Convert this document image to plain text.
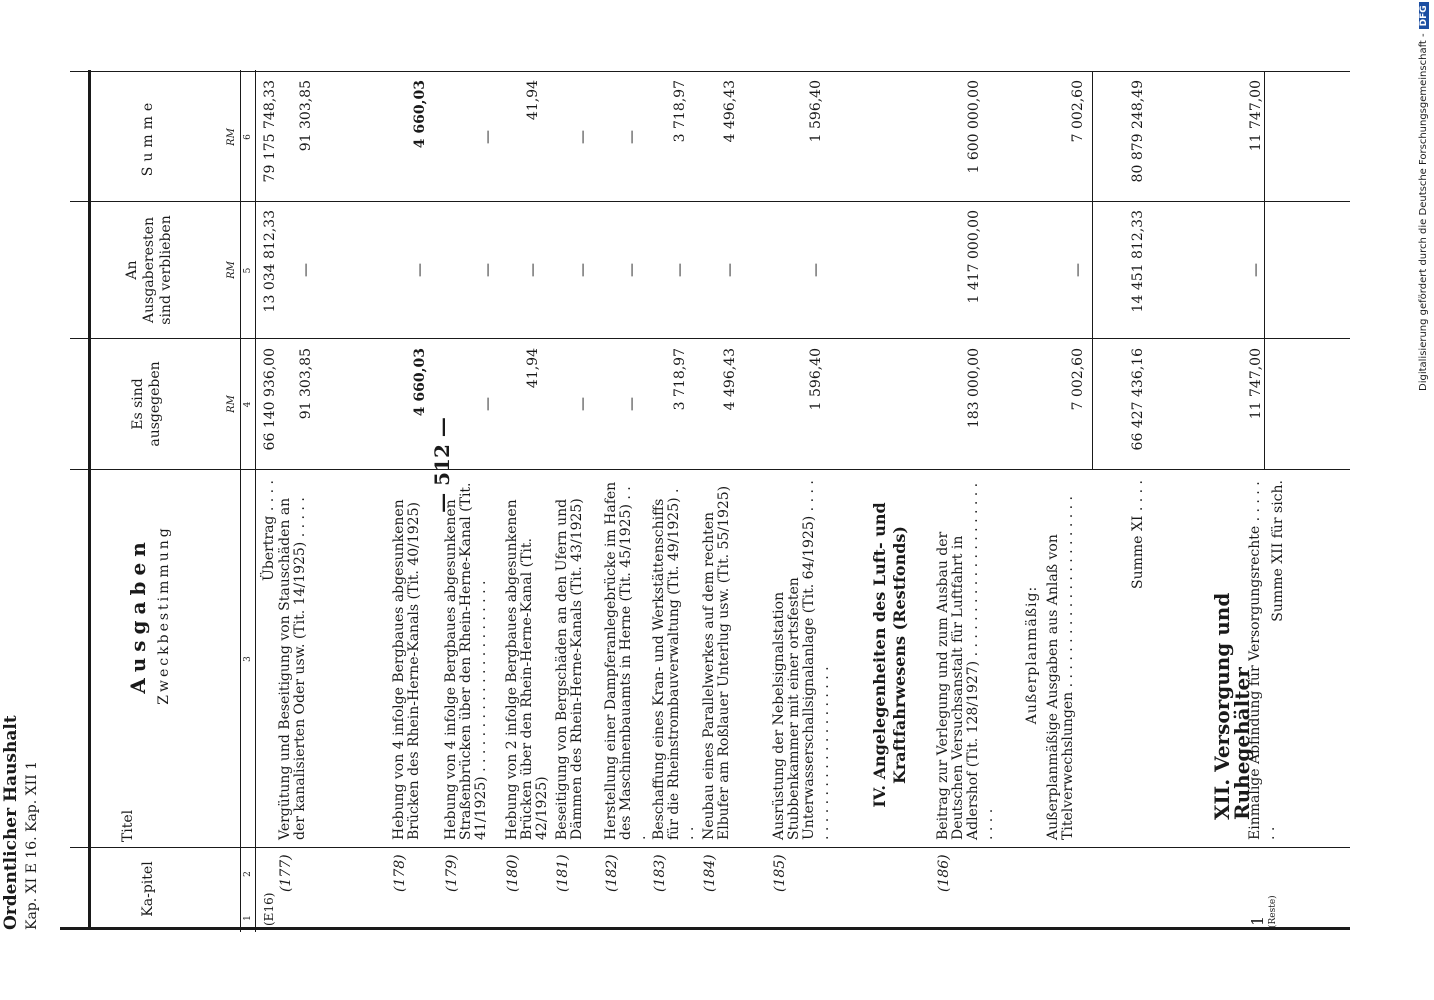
Ordentlicher Haushalt Kap. XI E 16. Kap. XII 1
— 512 —
Ka-pitel
Titel
Ausgaben Zweckbestimmung
Es sind ausgegeben
An Ausgaberesten sind verblieben
Summe
RM
RM
RM
1
2
3
4
5
6
(E16)
Übertrag . . . .
66 140 936,00
13 034 812,33
79 175 748,33
(177)
Vergütung und Beseitigung von Stauschäden an der kanalisierten Oder usw. (Tit. 14/1925) . . . . .
91 303,85
—
91 303,85
(178)
Hebung von 4 infolge Bergbaues abgesunkenen Brücken des Rhein-Herne-Kanals (Tit. 40/1925)
4 660,03
—
4 660,03
(179)
Hebung von 4 infolge Bergbaues abgesunkenen Straßenbrücken über den Rhein-Herne-Kanal (Tit. 41/1925) . . . . . . . . . . . . . . . . . . . . . .
—
—
—
(180)
Hebung von 2 infolge Bergbaues abgesunkenen Brücken über den Rhein-Herne-Kanal (Tit. 42/1925)
41,94
—
41,94
(181)
Beseitigung von Bergschäden an den Ufern und Dämmen des Rhein-Herne-Kanals (Tit. 43/1925)
—
—
—
(182)
Herstellung einer Dampferanlegebrücke im Hafen des Maschinenbauamts in Herne (Tit. 45/1925) . . .
—
—
—
(183)
Beschaffung eines Kran- und Werkstättenschiffs für die Rheinstrombauverwaltung (Tit. 49/1925) . . .
3 718,97
—
3 718,97
(184)
Neubau eines Parallelwerkes auf dem rechten Elbufer am Roßlauer Unterlug usw. (Tit. 55/1925)
4 496,43
—
4 496,43
(185)
Ausrüstung der Nebelsignalstation Stubbenkammer mit einer ortsfesten Unterwasserschallsignalanlage (Tit. 64/1925) . . . . . . . . . . . . . . . . . . . . . . . .
1 596,40
—
1 596,40
IV. Angelegenheiten des Luft- und Kraftfahrwesens (Restfonds)
(186)
Beitrag zur Verlegung und zum Ausbau der Deutschen Versuchsanstalt für Luftfahrt in Adlershof (Tit. 128/1927) . . . . . . . . . . . . . . . . . . . . . . . .
183 000,00
1 417 000,00
1 600 000,00
Außerplanmäßig: Außerplanmäßige Ausgaben aus Anlaß von Titelverwechslungen . . . . . . . . . . . . . . . . . . . . . .
7 002,60
—
7 002,60
Summe XI . . . .
66 427 436,16
14 451 812,33
80 879 248,49
XII. Versorgung und Ruhegehälter
1 (Reste)
Einmalige Abfindung für Versorgungsrechte . . . . . . .
11 747,00
—
11 747,00
Summe XII für sich.
Digitalisierung gefördert durch die Deutsche Forschungsgemeinschaft -DFG
